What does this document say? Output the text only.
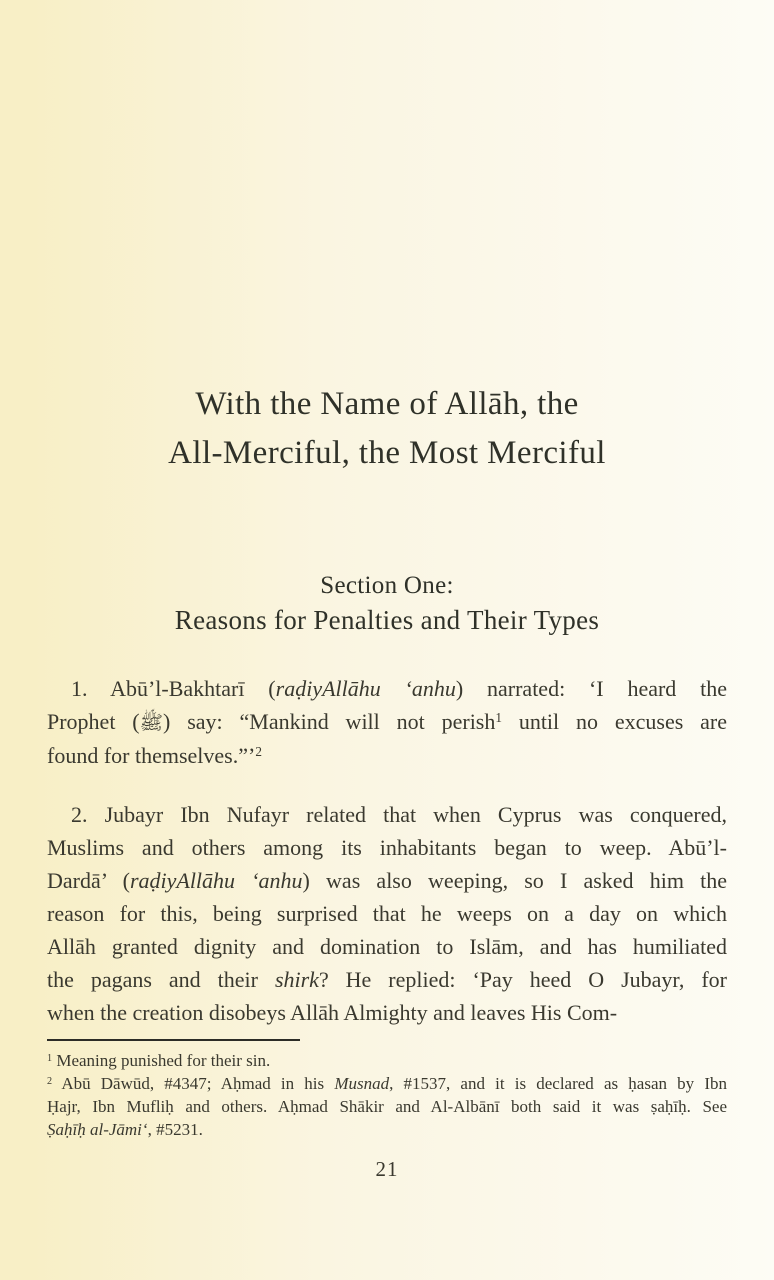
With the Name of Allāh, the
All-Merciful, the Most Merciful
Section One:
Reasons for Penalties and Their Types
1. Abū’l-Bakhtarī (raḍiyAllāhu ‘anhu) narrated: ‘I heard the
Prophet (ﷺ) say: “Mankind will not perish$^1$ until no excuses are
found for themselves.”’$^2$
2. Jubayr Ibn Nufayr related that when Cyprus was conquered,
Muslims and others among its inhabitants began to weep. Abū’l-
Dardā’ (raḍiyAllāhu ‘anhu) was also weeping, so I asked him the
reason for this, being surprised that he weeps on a day on which
Allāh granted dignity and domination to Islām, and has humiliated
the pagans and their shirk? He replied: ‘Pay heed O Jubayr, for
when the creation disobeys Allāh Almighty and leaves His Com-
$^1$ Meaning punished for their sin.
$^2$ Abū Dāwūd, #4347; Aḥmad in his Musnad, #1537, and it is declared as ḥasan by Ibn
Ḥajr, Ibn Mufliḥ and others. Aḥmad Shākir and Al-Albānī both said it was ṣaḥīḥ. See
Ṣaḥīḥ al-Jāmi‘, #5231.
21
